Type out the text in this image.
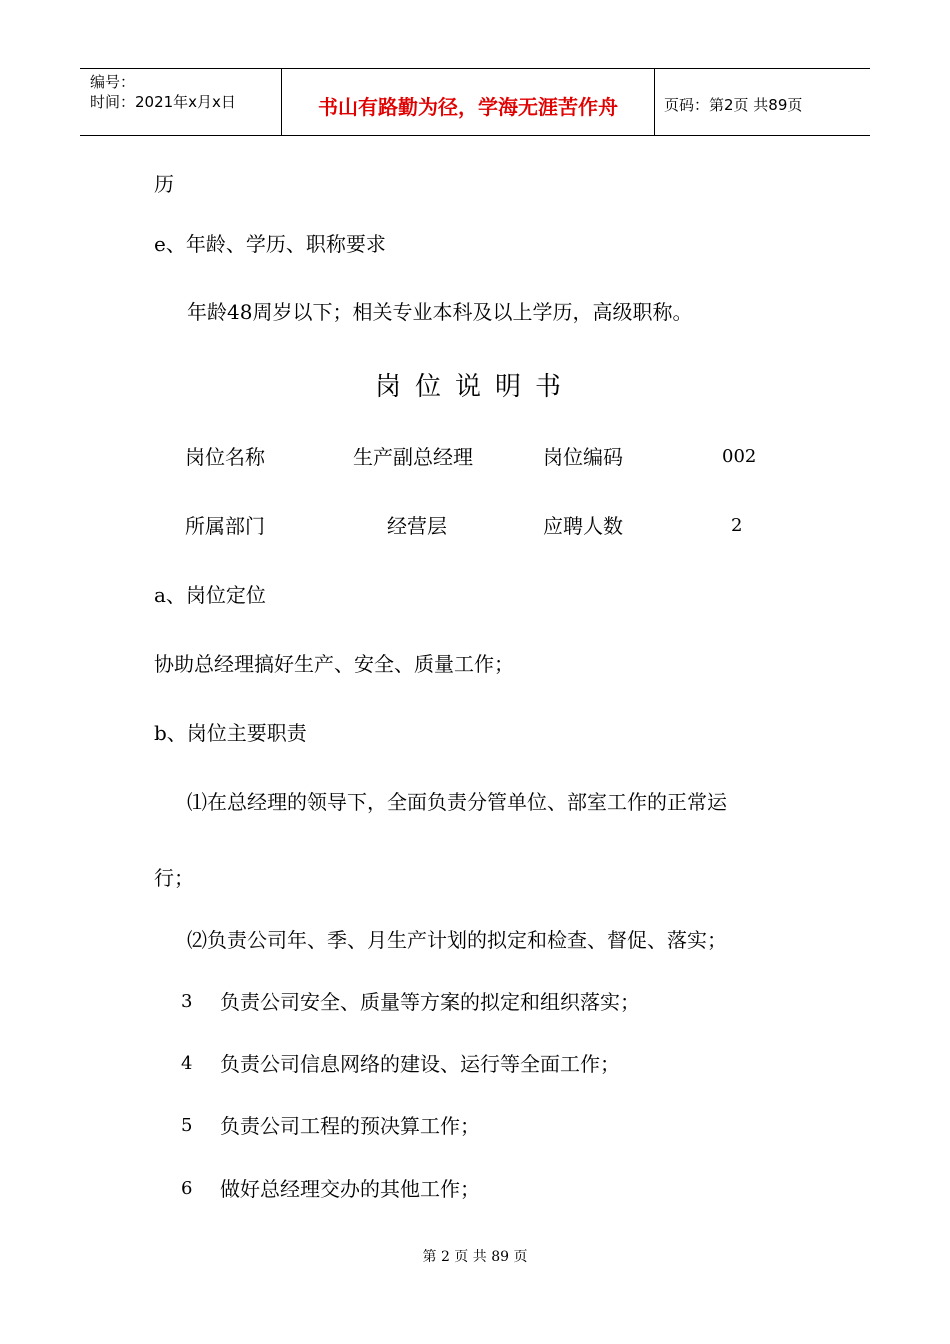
编号：
时间：2021年x月x日	书山有路勤为径，学海无涯苦作舟	页码：第2页 共89页
历
e、年龄、学历、职称要求
年龄48周岁以下；相关专业本科及以上学历，高级职称。
岗位说明书
岗位名称	生产副总经理	岗位编码	002
所属部门	经营层	应聘人数	2
a、岗位定位
协助总经理搞好生产、安全、质量工作；
b、岗位主要职责
⑴在总经理的领导下，全面负责分管单位、部室工作的正常运
行；
⑵负责公司年、季、月生产计划的拟定和检查、督促、落实；
3 负责公司安全、质量等方案的拟定和组织落实；
4 负责公司信息网络的建设、运行等全面工作；
5 负责公司工程的预决算工作；
6 做好总经理交办的其他工作；
第 2 页 共 89 页
